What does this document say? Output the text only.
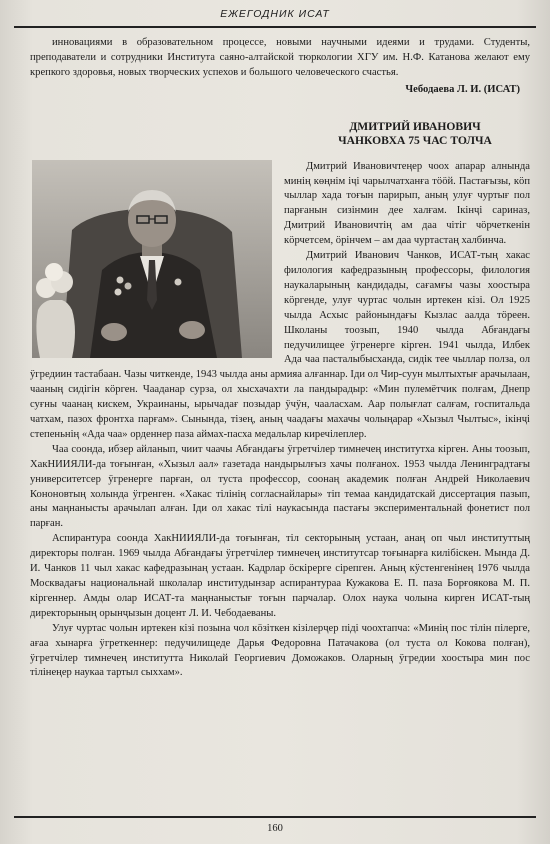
ЕЖЕГОДНИК ИСАТ

инновациями в образовательном процессе, новыми научными идеями и трудами. Студенты, преподаватели и сотрудники Института саяно-алтайской тюркологии ХГУ им. Н.Ф. Катанова желают ему крепкого здоровья, новых творческих успехов и большого человеческого счастья.

Чебодаева Л. И. (ИСАТ)

ДМИТРИЙ ИВАНОВИЧ
ЧАНКОВХА 75 ЧАС ТОЛЧА

Дмитрий Ивановичтеңер чоох апарар алнында минің көңнім іҷі чарылчатханға тӧӧй. Пастағызы, кӧп чыллар хада тоғын парирып, аның улуғ чуртығ пол парғанын сизінмин дее халғам. Ікінҷі сариназ, Дмитрий Ивановичтің ам даа чітіг чӧрчеткенін кӧрчетсем, ӧрінчем – ам даа чуртастаң халбинча.

Дмитрий Иванович Чанков, ИСАТ-тың хакас филология кафедразының профессоры, филология наукаларының кандидады, сағамғы чазы хоостыра кӧргенде, улуғ чуртас чолын иртекен кізі. Ол 1925 чылда Асхыс районындағы Кызлас аалда тӧреен. Школаны тоозып, 1940 чылда Абғандағы педучилищее ӱгренерге кірген. 1941 чылда, Илбек Ада чаа пасталыбысханда, сидік тее чыллар полза, ол ӱгредиин тастабаан. Чазы читкенде, 1943 чылда аны армияа алғаннар. Іди ол Чир-суун мылтыхтығ арачылаан, чааның сидігін кӧрген. Чааданар сурза, ол хысхачахти ла пандырадыр: «Мин пулемётчик полғам, Днепр суғны чаанаң кискем, Украинаны, ырычадағ позыдар ӱчӱн, чааласхам. Аар полығлат салғам, госпитальда чатхам, пазох фронтха парғам». Сынында, тізең, аның чаадағы махачы чолыңарар «Хызыл Чылтыс», ікінҷі степеньнің «Ада чаа» орденнер паза аймах-пасха медальлар киречілеплер.

Чаа соонда, ибзер айланып, чиит чаачы Абғандағы ӱгретчілер тимнечең институтха кірген. Аны тоозып, ХакНИИЯЛИ-да тоғынған, «Хызыл аал» газетада нандырылғыз хачы полғанох. 1953 чылда Ленинградтағы университетсер ӱгренерге парған, ол туста профессор, соонаң академик полған Андрей Николаевич Кононовтың холында ӱгренген. «Хакас тілінің согласнайлары» тіп темаа кандидатскай диссертация пазып, аны маңнанысты арачылап алған. Іди ол хакас тілі наукасында пастағы экспериментальнай фонетист пол парған.

Аспирантура соонда ХакНИИЯЛИ-да тоғынған, тіл секторының устаан, анаң оп чыл институттың директоры полған. 1969 чылда Абғандағы ӱгретчілер тимнечең институтсар тоғынарға килібіскен. Мында Д. И. Чанков 11 чыл хакас кафедразынаң устаан. Кадрлар ӧскірерге сірепген. Аның кӱстенгенінең 1976 чылда Москвадағы национальнай школалар институдынзар аспирантураа Кужакова Е. П. паза Борғоякова М. П. кіргеннер. Амды олар ИСАТ-та маңнаныстығ тоғын парчалар. Олох наука чолына кирген ИСАТ-тың директорының орынҷызын доцент Л. И. Чебодаеваны.

Улуғ чуртас чолын иртекен кізі позына чол кӧзіткен кізілерҷер піді чоохтапча: «Минің пос тілін пілерге, ағаа хынарға ӱгреткеннер: педучилищеде Дарья Федоровна Патачакова (ол туста ол Кокова полған), ӱгретчілер тимнечең институтта Николай Георгиевич Доможаков. Оларның ӱгредии хоостыра мин пос тілінеңер наукаа тартыл сыххам».

160
